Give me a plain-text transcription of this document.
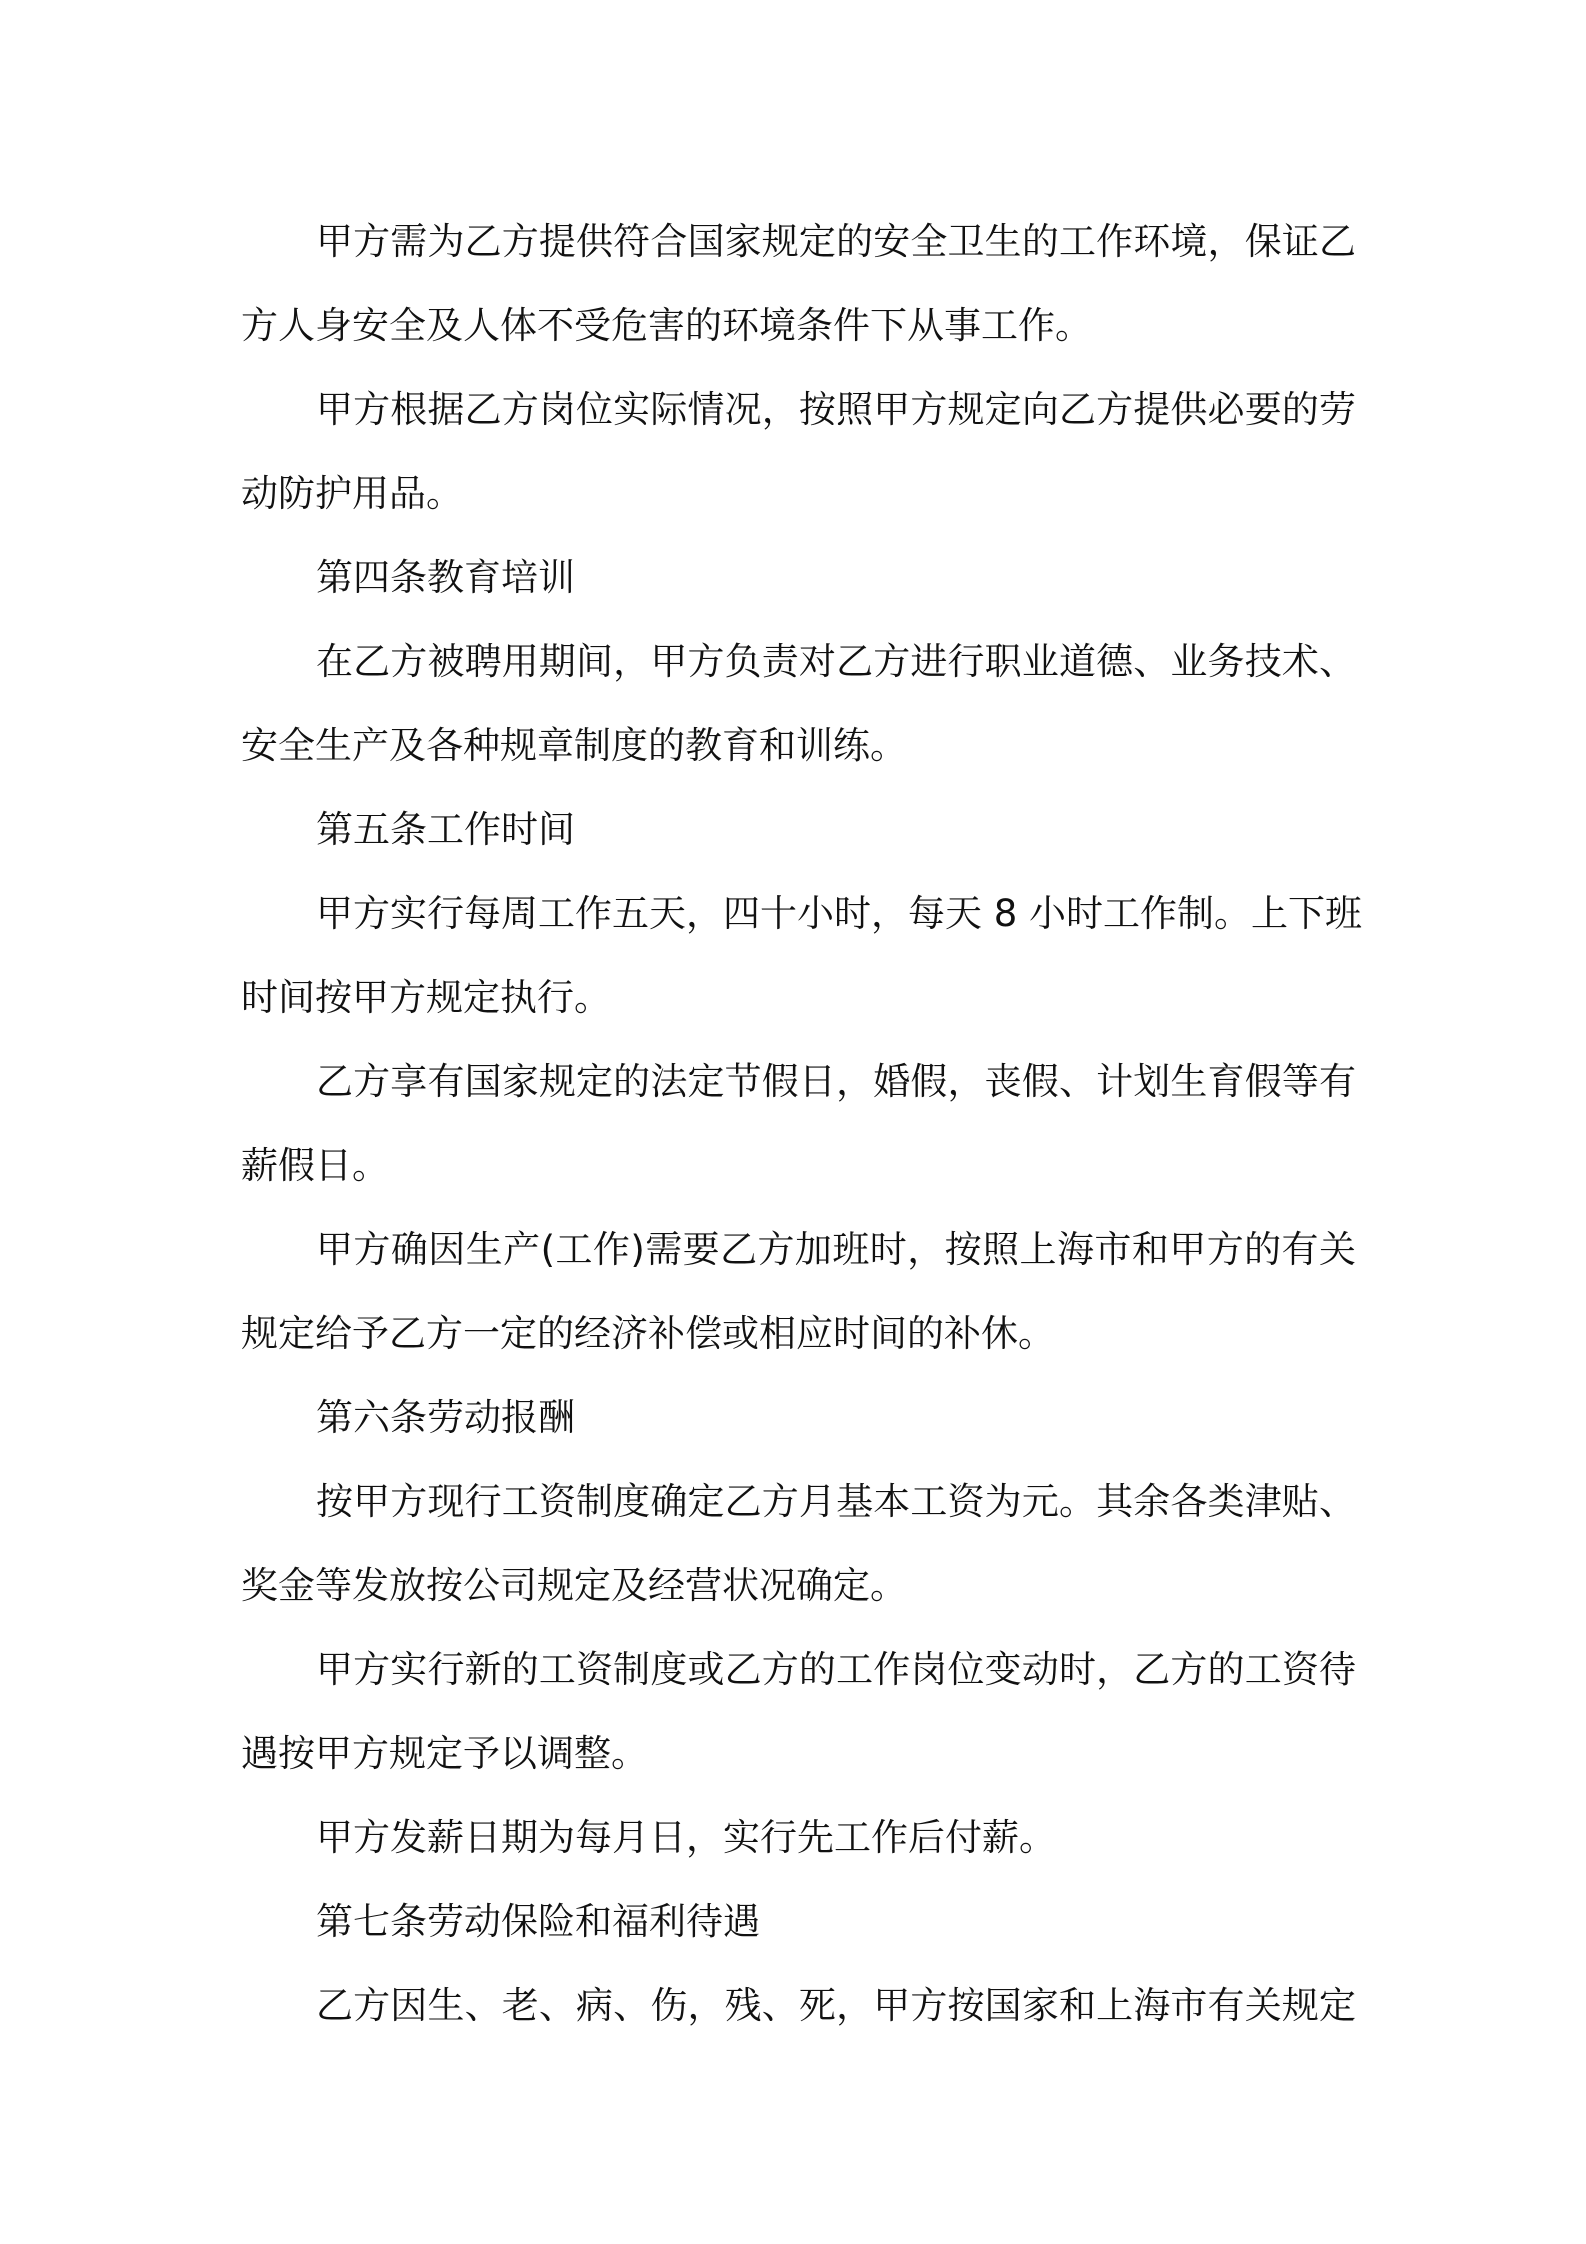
甲方需为乙方提供符合国家规定的安全卫生的工作环境，保证乙
方人身安全及人体不受危害的环境条件下从事工作。
甲方根据乙方岗位实际情况，按照甲方规定向乙方提供必要的劳
动防护用品。
第四条教育培训
在乙方被聘用期间，甲方负责对乙方进行职业道德、业务技术、
安全生产及各种规章制度的教育和训练。
第五条工作时间
甲方实行每周工作五天，四十小时，每天 8 小时工作制。上下班
时间按甲方规定执行。
乙方享有国家规定的法定节假日，婚假，丧假、计划生育假等有
薪假日。
甲方确因生产(工作)需要乙方加班时，按照上海市和甲方的有关
规定给予乙方一定的经济补偿或相应时间的补休。
第六条劳动报酬
按甲方现行工资制度确定乙方月基本工资为元。其余各类津贴、
奖金等发放按公司规定及经营状况确定。
甲方实行新的工资制度或乙方的工作岗位变动时，乙方的工资待
遇按甲方规定予以调整。
甲方发薪日期为每月日，实行先工作后付薪。
第七条劳动保险和福利待遇
乙方因生、老、病、伤，残、死，甲方按国家和上海市有关规定
